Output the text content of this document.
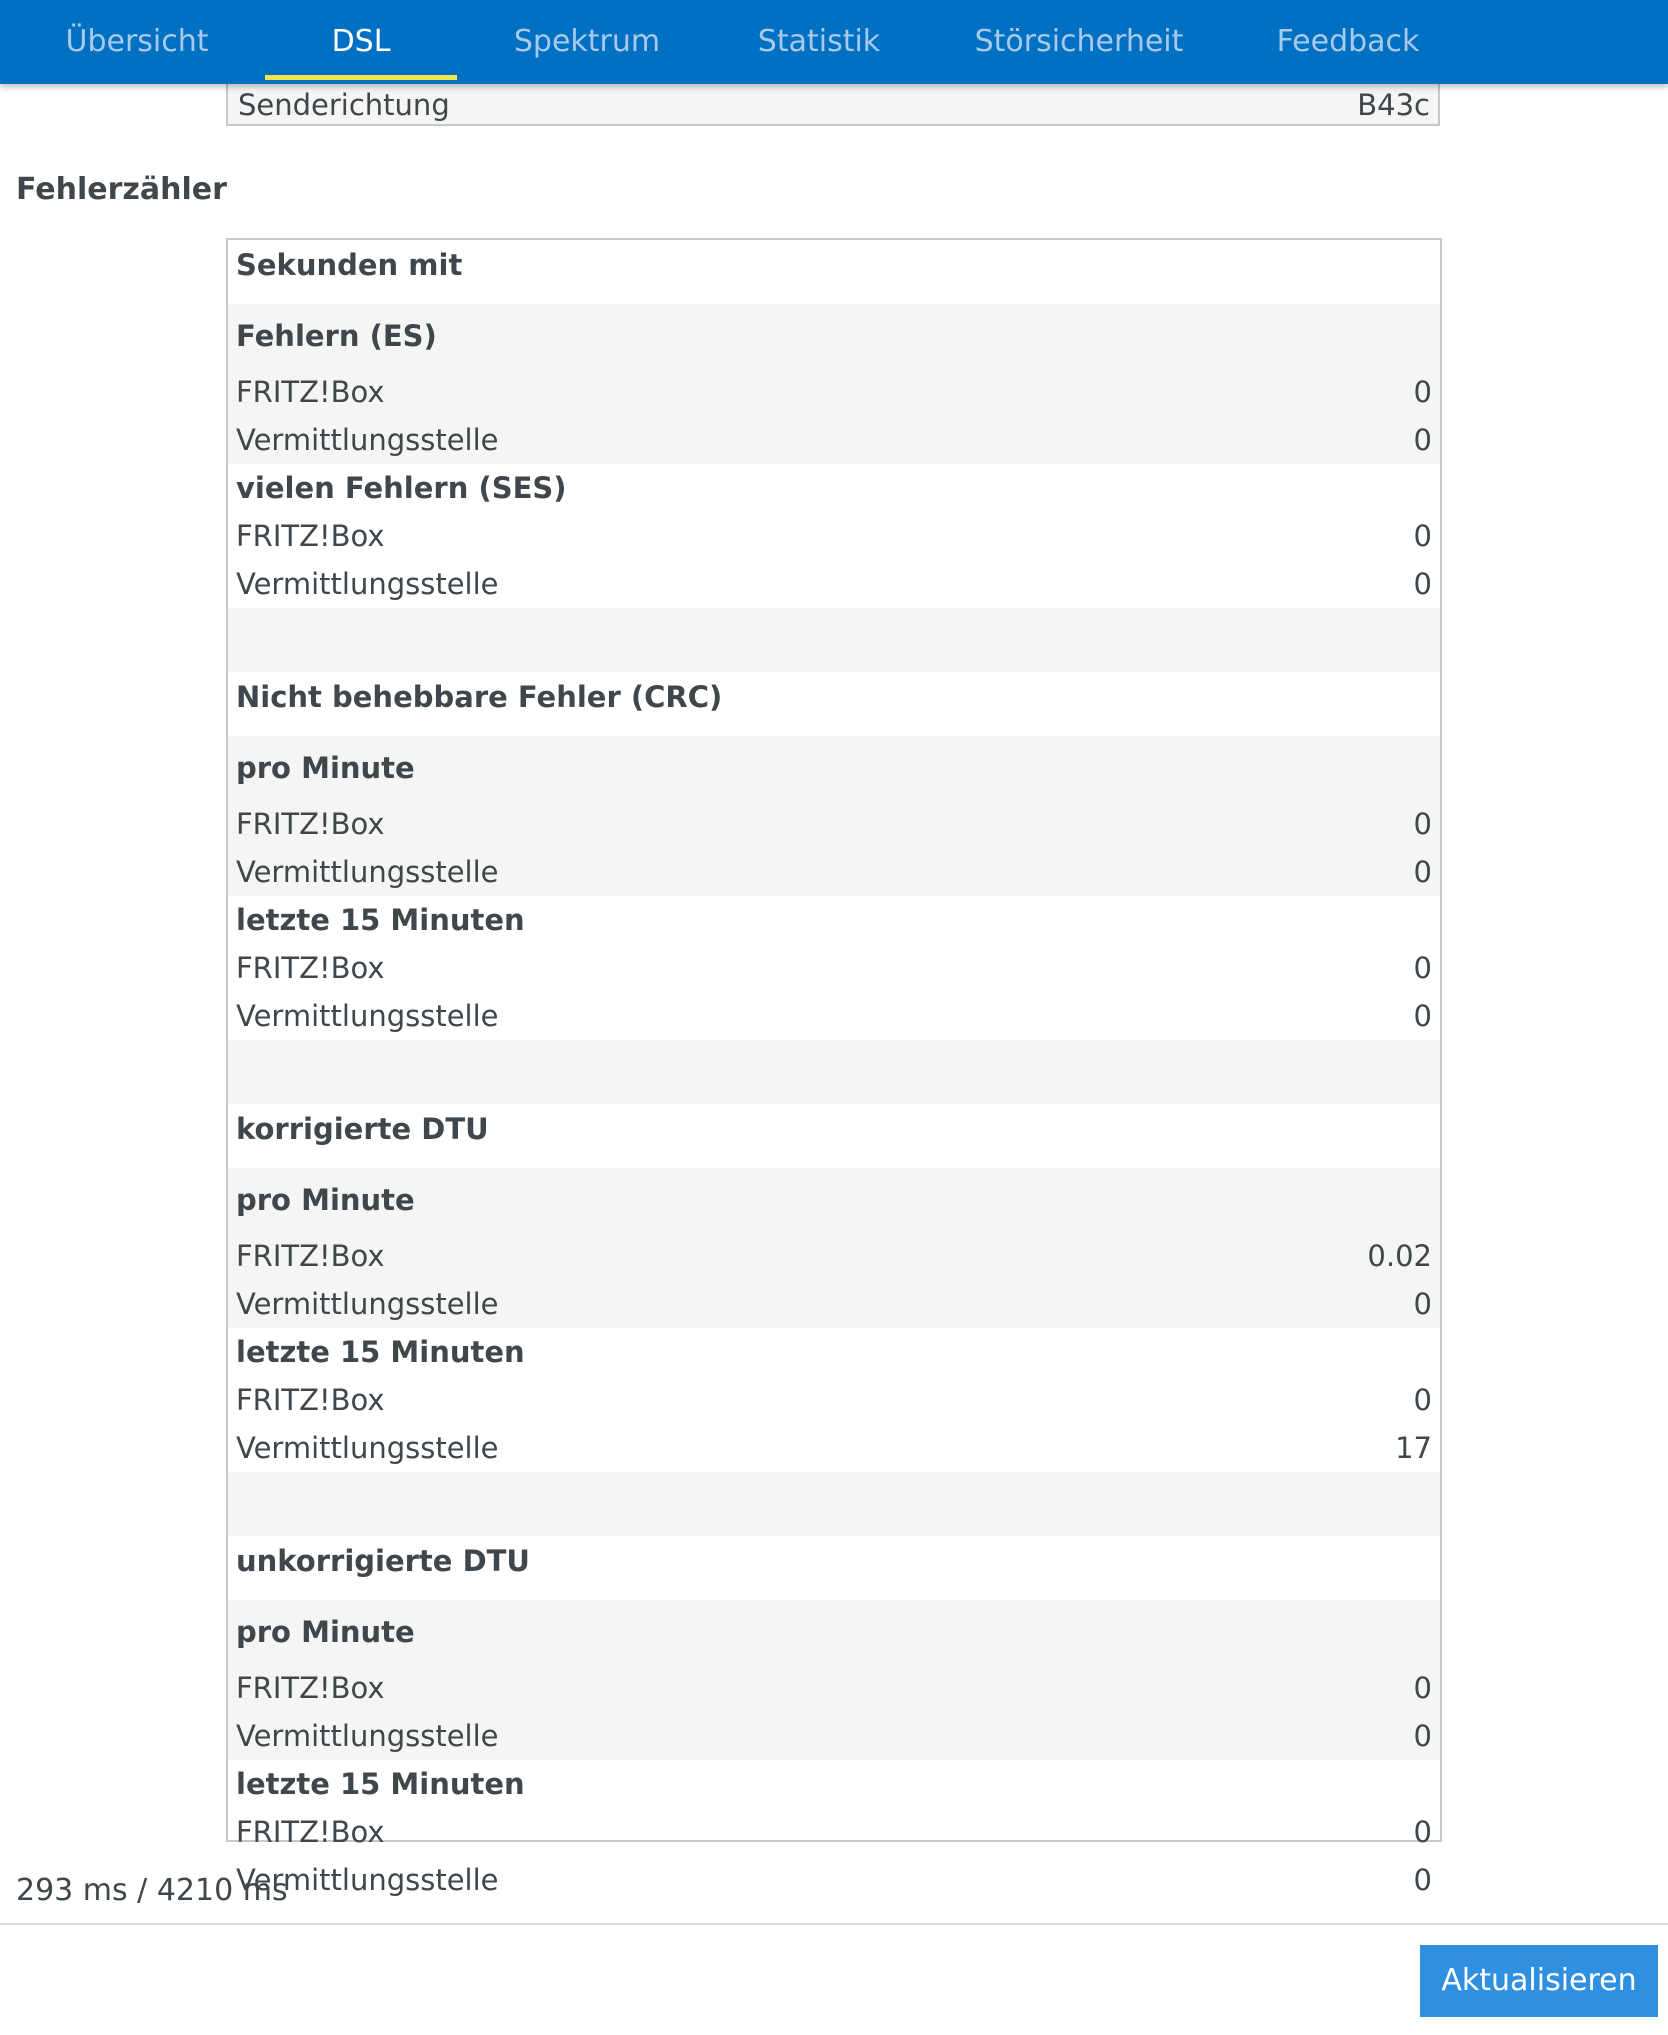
Übersicht	DSL	Spektrum	Statistik	Störsicherheit	Feedback
Senderichtung	B43c
Fehlerzähler
Sekunden mit
Fehlern (ES)
FRITZ!Box	0
Vermittlungsstelle	0
vielen Fehlern (SES)
FRITZ!Box	0
Vermittlungsstelle	0
Nicht behebbare Fehler (CRC)
pro Minute
FRITZ!Box	0
Vermittlungsstelle	0
letzte 15 Minuten
FRITZ!Box	0
Vermittlungsstelle	0
korrigierte DTU
pro Minute
FRITZ!Box	0.02
Vermittlungsstelle	0
letzte 15 Minuten
FRITZ!Box	0
Vermittlungsstelle	17
unkorrigierte DTU
pro Minute
FRITZ!Box	0
Vermittlungsstelle	0
letzte 15 Minuten
FRITZ!Box	0
Vermittlungsstelle	0
293 ms / 4210 ms
Aktualisieren
